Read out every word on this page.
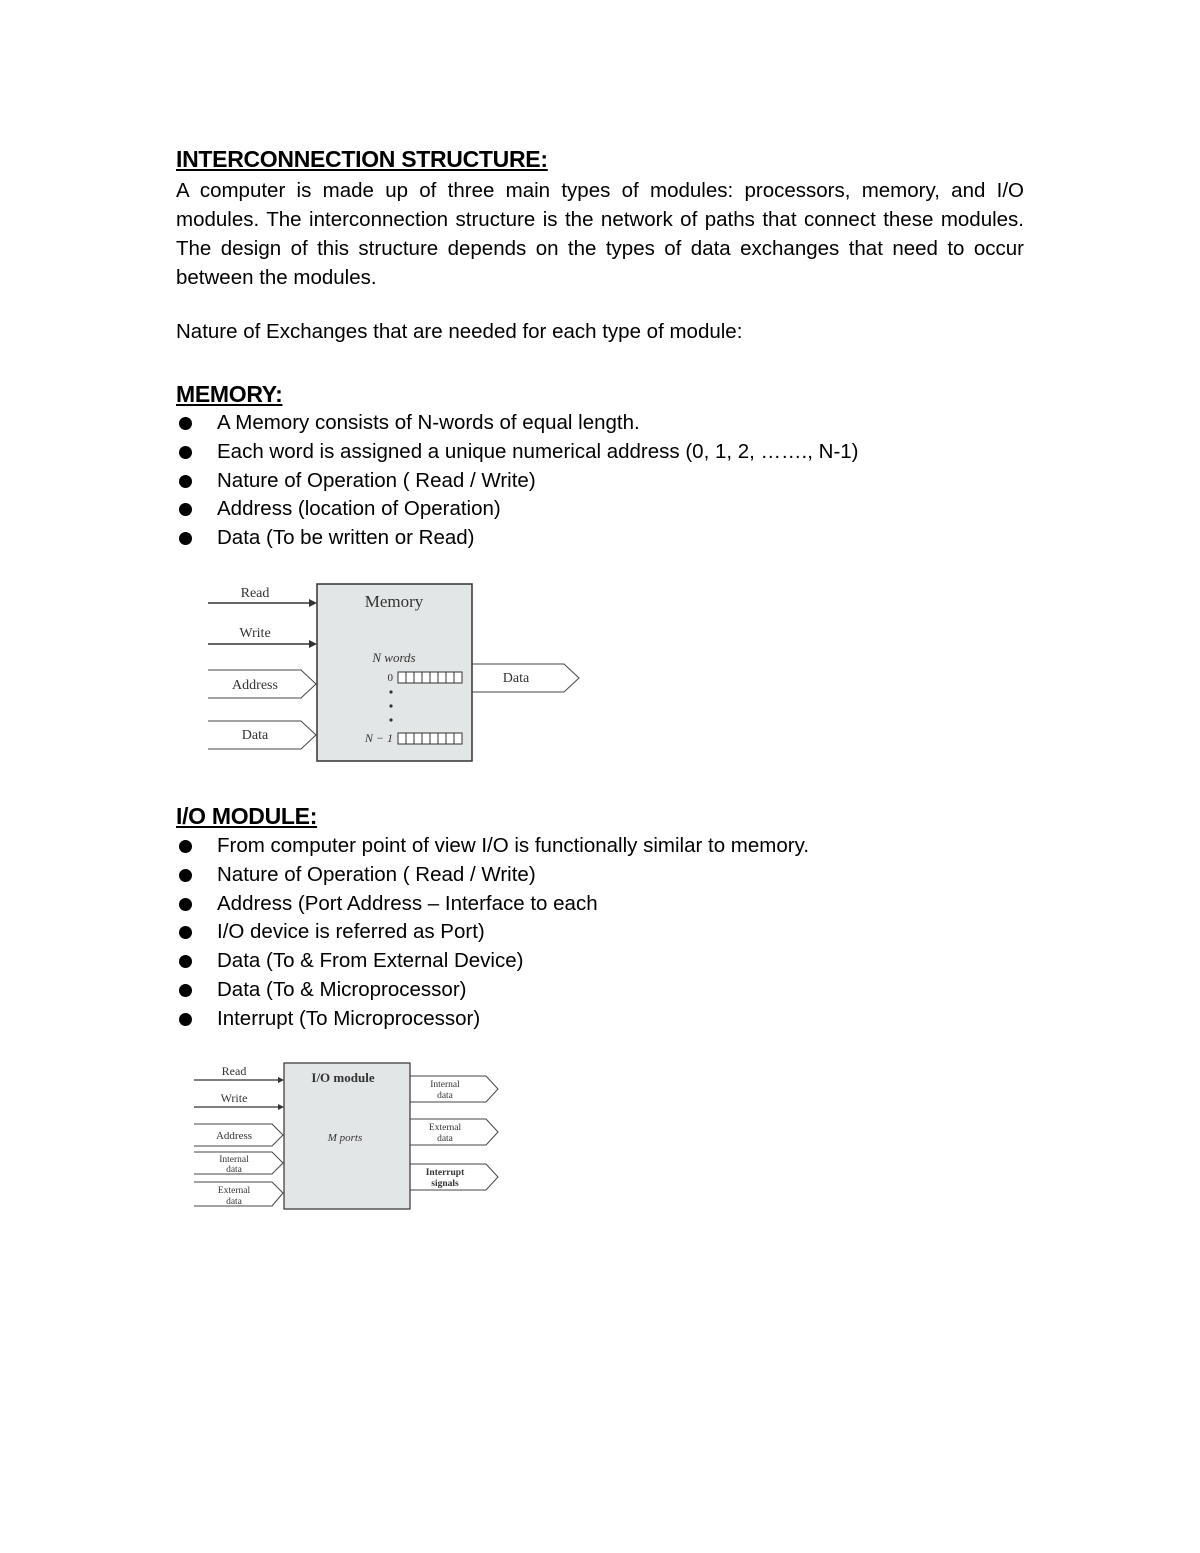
INTERCONNECTION STRUCTURE:
A computer is made up of three main types of modules: processors, memory, and I/O modules. The interconnection structure is the network of paths that connect these modules. The design of this structure depends on the types of data exchanges that need to occur between the modules.
Nature of Exchanges that are needed for each type of module:
MEMORY:
A Memory consists of N-words of equal length.
Each word is assigned a unique numerical address (0, 1, 2, ……., N-1)
Nature of Operation ( Read / Write)
Address (location of Operation)
Data (To be written or Read)
Memory
N words
0
N − 1
Read
Write
Address
Data
Data
I/O MODULE:
From computer point of view I/O is functionally similar to memory.
Nature of Operation ( Read / Write)
Address (Port Address – Interface to each
I/O device is referred as Port)
Data (To & From External Device)
Data (To & Microprocessor)
Interrupt (To Microprocessor)
I/O module
M ports
Read
Write
Address
Internal
data
External
data
Internal
data
External
data
Interrupt
signals
